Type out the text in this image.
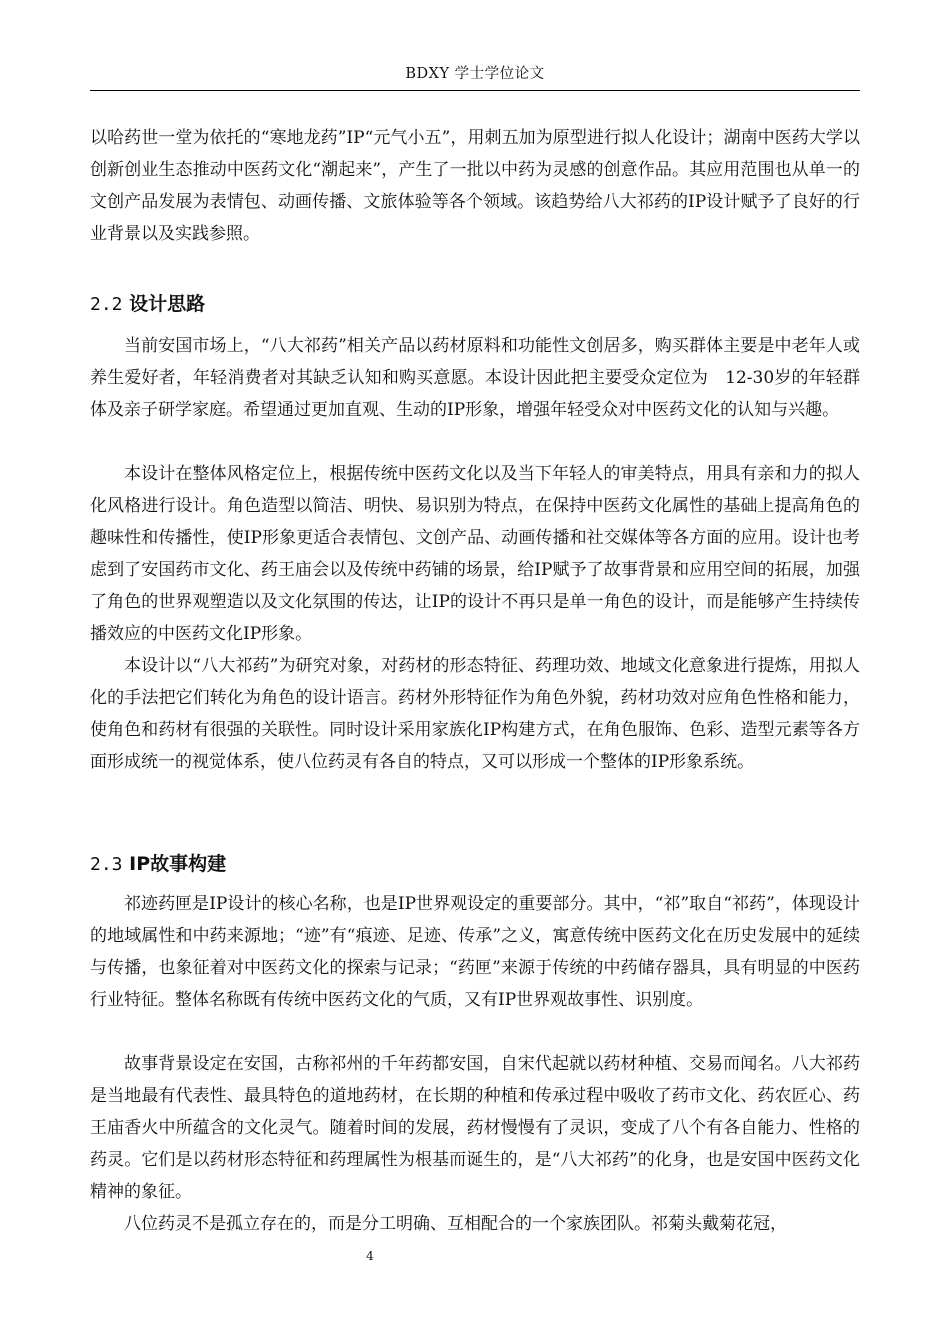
BDXY 学士学位论文

以哈药世一堂为依托的“寒地龙药”IP“元气小五”，用刺五加为原型进行拟人化设计；湖南中医药大学以创新创业生态推动中医药文化“潮起来”，产生了一批以中药为灵感的创意作品。其应用范围也从单一的文创产品发展为表情包、动画传播、文旅体验等各个领域。该趋势给八大祁药的IP设计赋予了良好的行业背景以及实践参照。

2.2 设计思路

当前安国市场上，“八大祁药”相关产品以药材原料和功能性文创居多，购买群体主要是中老年人或养生爱好者，年轻消费者对其缺乏认知和购买意愿。本设计因此把主要受众定位为　12-30岁的年轻群体及亲子研学家庭。希望通过更加直观、生动的IP形象，增强年轻受众对中医药文化的认知与兴趣。

本设计在整体风格定位上，根据传统中医药文化以及当下年轻人的审美特点，用具有亲和力的拟人化风格进行设计。角色造型以简洁、明快、易识别为特点，在保持中医药文化属性的基础上提高角色的趣味性和传播性，使IP形象更适合表情包、文创产品、动画传播和社交媒体等各方面的应用。设计也考虑到了安国药市文化、药王庙会以及传统中药铺的场景，给IP赋予了故事背景和应用空间的拓展，加强了角色的世界观塑造以及文化氛围的传达，让IP的设计不再只是单一角色的设计，而是能够产生持续传播效应的中医药文化IP形象。

本设计以“八大祁药”为研究对象，对药材的形态特征、药理功效、地域文化意象进行提炼，用拟人化的手法把它们转化为角色的设计语言。药材外形特征作为角色外貌，药材功效对应角色性格和能力，使角色和药材有很强的关联性。同时设计采用家族化IP构建方式，在角色服饰、色彩、造型元素等各方面形成统一的视觉体系，使八位药灵有各自的特点，又可以形成一个整体的IP形象系统。

2.3 IP故事构建

祁迹药匣是IP设计的核心名称，也是IP世界观设定的重要部分。其中，“祁”取自“祁药”，体现设计的地域属性和中药来源地；“迹”有“痕迹、足迹、传承”之义，寓意传统中医药文化在历史发展中的延续与传播，也象征着对中医药文化的探索与记录；“药匣”来源于传统的中药储存器具，具有明显的中医药行业特征。整体名称既有传统中医药文化的气质，又有IP世界观故事性、识别度。

故事背景设定在安国，古称祁州的千年药都安国，自宋代起就以药材种植、交易而闻名。八大祁药是当地最有代表性、最具特色的道地药材，在长期的种植和传承过程中吸收了药市文化、药农匠心、药王庙香火中所蕴含的文化灵气。随着时间的发展，药材慢慢有了灵识，变成了八个有各自能力、性格的药灵。它们是以药材形态特征和药理属性为根基而诞生的，是“八大祁药”的化身，也是安国中医药文化精神的象征。

八位药灵不是孤立存在的，而是分工明确、互相配合的一个家族团队。祁菊头戴菊花冠，

4
